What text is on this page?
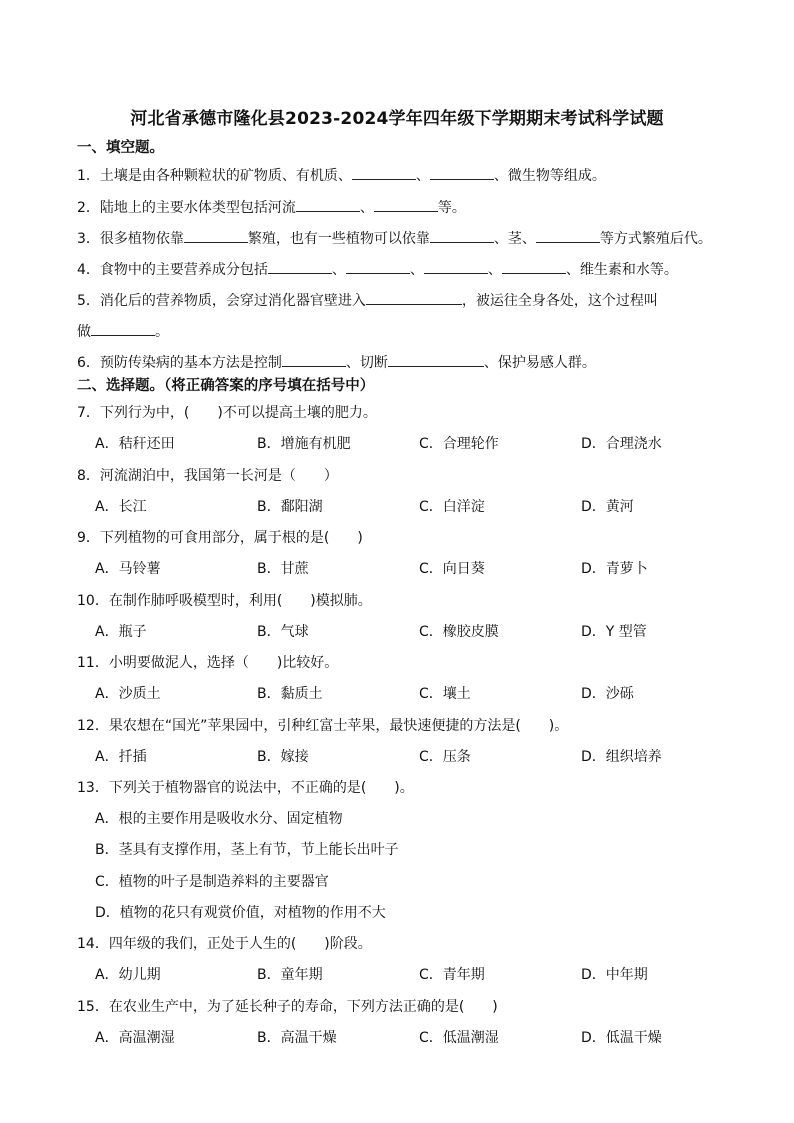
河北省承德市隆化县2023-2024学年四年级下学期期末考试科学试题
一、填空题。
1．土壤是由各种颗粒状的矿物质、有机质、	、	、微生物等组成。
2．陆地上的主要水体类型包括河流	、	等。
3．很多植物依靠	繁殖，也有一些植物可以依靠	、茎、	等方式繁殖后代。
4．食物中的主要营养成分包括	、	、	、	、维生素和水等。
5．消化后的营养物质，会穿过消化器官壁进入	，被运往全身各处，这个过程叫
做	。
6．预防传染病的基本方法是控制	、切断	、保护易感人群。
二、选择题。（将正确答案的序号填在括号中）
7．下列行为中，(　　)不可以提高土壤的肥力。
A．秸秆还田	B．增施有机肥	C．合理轮作	D．合理浇水
8．河流湖泊中，我国第一长河是（　　）
A．长江	B．鄱阳湖	C．白洋淀	D．黄河
9．下列植物的可食用部分，属于根的是(　　)
A．马铃薯	B．甘蔗	C．向日葵	D．青萝卜
10．在制作肺呼吸模型时，利用(　　)模拟肺。
A．瓶子	B．气球	C．橡胶皮膜	D．Y 型管
11．小明要做泥人，选择（　　)比较好。
A．沙质土	B．黏质土	C．壤土	D．沙砾
12．果农想在“国光”苹果园中，引种红富士苹果，最快速便捷的方法是(　　)。
A．扦插	B．嫁接	C．压条	D．组织培养
13．下列关于植物器官的说法中，不正确的是(　　)。
A．根的主要作用是吸收水分、固定植物
B．茎具有支撑作用，茎上有节，节上能长出叶子
C．植物的叶子是制造养料的主要器官
D．植物的花只有观赏价值，对植物的作用不大
14．四年级的我们，正处于人生的(　　)阶段。
A．幼儿期	B．童年期	C．青年期	D．中年期
15．在农业生产中，为了延长种子的寿命，下列方法正确的是(　　)
A．高温潮湿	B．高温干燥	C．低温潮湿	D．低温干燥
